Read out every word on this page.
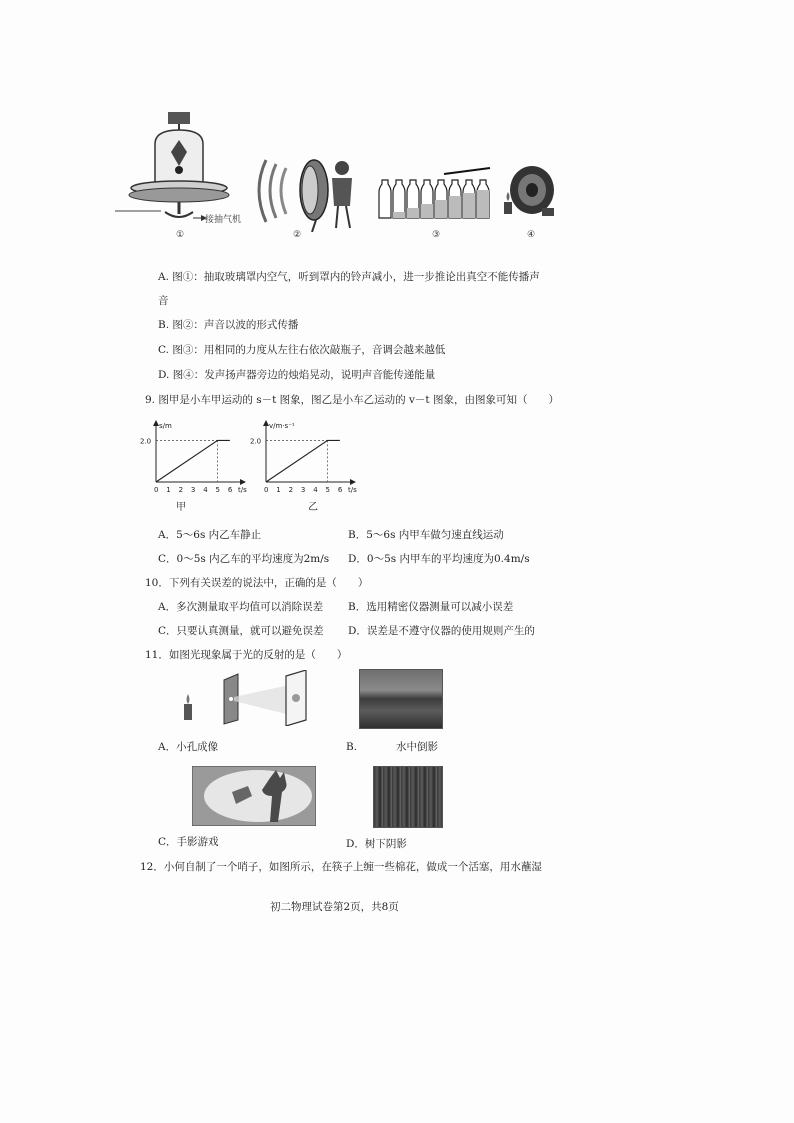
接抽气机
①	②	③	④
A. 图①：抽取玻璃罩内空气，听到罩内的铃声减小，进一步推论出真空不能传播声
音
B. 图②：声音以波的形式传播
C. 图③：用相同的力度从左往右依次敲瓶子，音调会越来越低
D. 图④：发声扬声器旁边的烛焰晃动，说明声音能传递能量
9. 图甲是小车甲运动的 s－t 图象，图乙是小车乙运动的 v－t 图象，由图象可知（　　）
s/m
t/s
0 1 2 3 4 5 6
2.0
甲
v/m·s⁻¹
t/s
0 1 2 3 4 5 6
2.0
乙
A．5～6s 内乙车静止	B．5～6s 内甲车做匀速直线运动
C．0～5s 内乙车的平均速度为2m/s D．0～5s 内甲车的平均速度为0.4m/s
10．下列有关误差的说法中，正确的是（　　）
A．多次测量取平均值可以消除误差 B．选用精密仪器测量可以减小误差
C．只要认真测量，就可以避免误差 D．误差是不遵守仪器的使用规则产生的
11．如图光现象属于光的反射的是（　　）
A．小孔成像	B.	水中倒影
C．手影游戏	D．树下阴影
12．小何自制了一个哨子，如图所示，在筷子上缠一些棉花，做成一个活塞，用水蘸湿
初二物理试卷第2页，共8页
